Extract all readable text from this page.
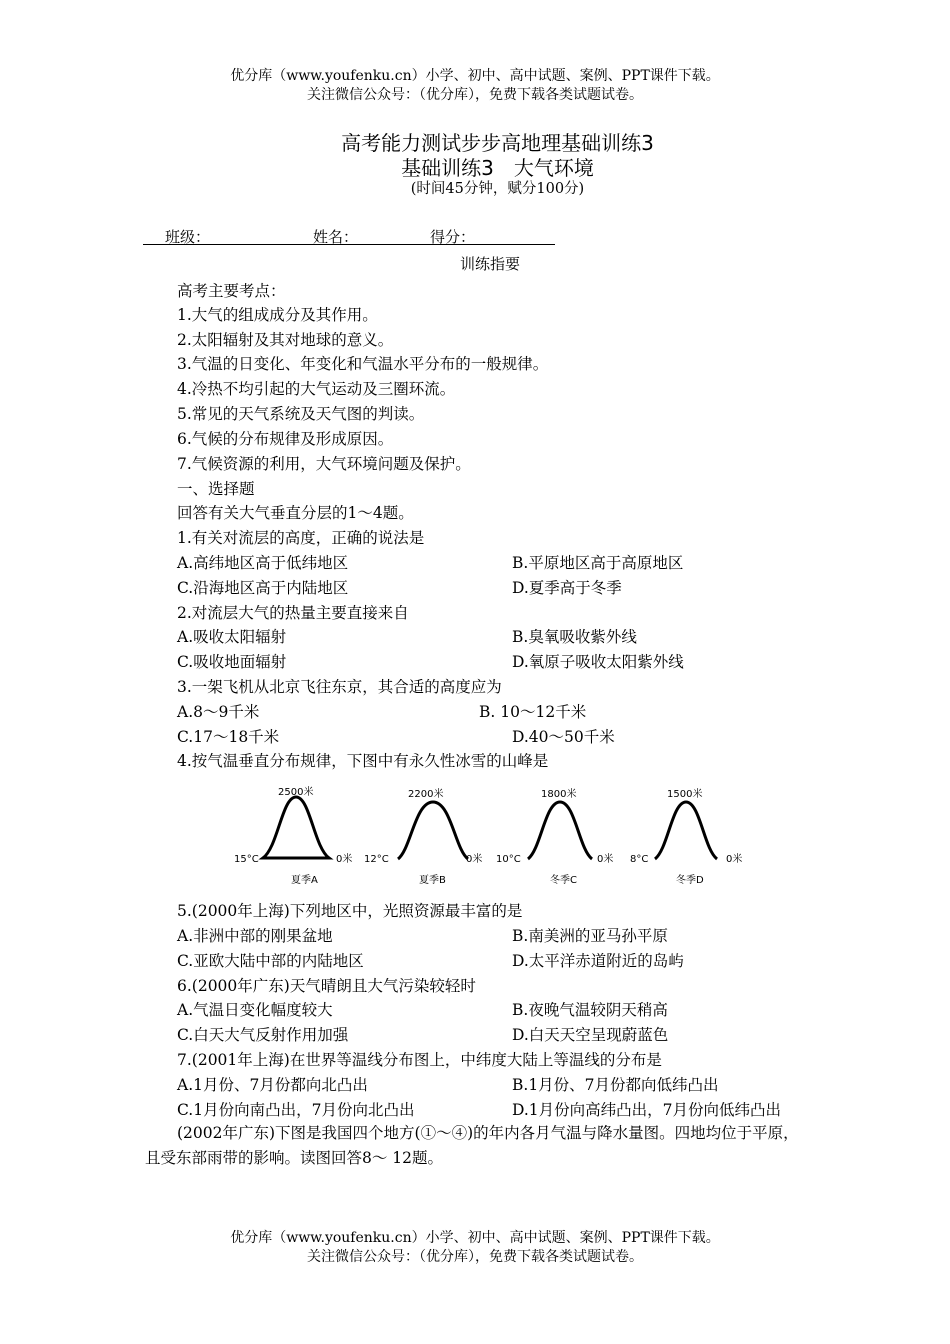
优分库（www.youfenku.cn）小学、初中、高中试题、案例、PPT课件下载。
关注微信公众号：（优分库），免费下载各类试题试卷。
高考能力测试步步高地理基础训练3
基础训练3　大气环境
(时间45分钟，赋分100分)
班级：	姓名：	得分：
训练指要
高考主要考点：
1.大气的组成成分及其作用。
2.太阳辐射及其对地球的意义。
3.气温的日变化、年变化和气温水平分布的一般规律。
4.冷热不均引起的大气运动及三圈环流。
5.常见的天气系统及天气图的判读。
6.气候的分布规律及形成原因。
7.气候资源的利用，大气环境问题及保护。
一、选择题
回答有关大气垂直分层的1～4题。
1.有关对流层的高度，正确的说法是
A.高纬地区高于低纬地区	B.平原地区高于高原地区
C.沿海地区高于内陆地区	D.夏季高于冬季
2.对流层大气的热量主要直接来自
A.吸收太阳辐射	B.臭氧吸收紫外线
C.吸收地面辐射	D.氧原子吸收太阳紫外线
3.一架飞机从北京飞往东京，其合适的高度应为
A.8～9千米	B. 10～12千米
C.17～18千米	D.40～50千米
4.按气温垂直分布规律，下图中有永久性冰雪的山峰是
2500米
15°C	0米
夏季A
2200米
12°C	0米
夏季B
1800米
10°C	0米
冬季C
1500米
8°C	0米
冬季D
5.(2000年上海)下列地区中，光照资源最丰富的是
A.非洲中部的刚果盆地	B.南美洲的亚马孙平原
C.亚欧大陆中部的内陆地区	D.太平洋赤道附近的岛屿
6.(2000年广东)天气晴朗且大气污染较轻时
A.气温日变化幅度较大	B.夜晚气温较阴天稍高
C.白天大气反射作用加强	D.白天天空呈现蔚蓝色
7.(2001年上海)在世界等温线分布图上，中纬度大陆上等温线的分布是
A.1月份、7月份都向北凸出	B.1月份、7月份都向低纬凸出
C.1月份向南凸出，7月份向北凸出	D.1月份向高纬凸出，7月份向低纬凸出
(2002年广东)下图是我国四个地方(①～④)的年内各月气温与降水量图。四地均位于平原，且受东部雨带的影响。读图回答8～ 12题。
优分库（www.youfenku.cn）小学、初中、高中试题、案例、PPT课件下载。
关注微信公众号：（优分库），免费下载各类试题试卷。
